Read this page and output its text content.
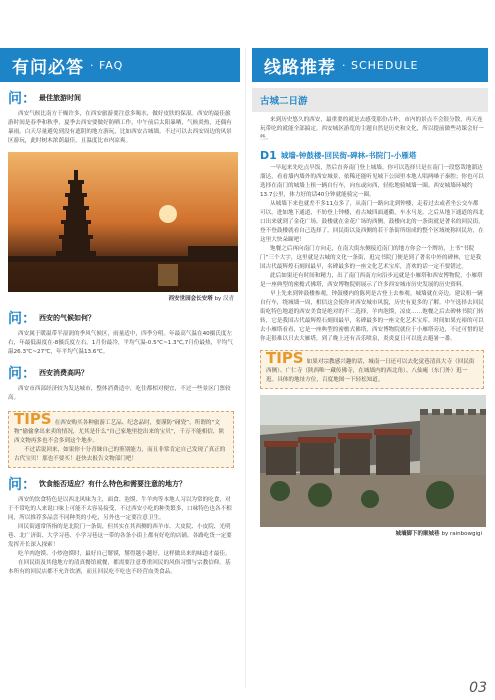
有问必答 · FAQ
问： 最佳旅游时间
西安气候比南方干燥许多，在西安旅游要注意多喝水，做好皮肤的保湿。西安的最佳旅游时间是春季和秋季，夏季去西安要做好防晒工作，中午前后太阳暴晒，气候炎热，还偶有暴雨。白天尽量避免到没有遮阴的地方游玩，比如西安古城墙。不过可以去西安周边的风景区游玩，此时树木浓荫最佳，且温度比市内凉爽。
西安世园会长安塔 by 汉青
问： 西安的气候如何？
西安属于暖温带半湿润的季风气候区，雨量适中，四季分明。年最高气温在40摄氏度左右，年最低温度在-8摄氏度左右。1月份最冷，平均气温-0.5℃~1.3℃,7月份最热，平均气温26.3℃~27℃，年平均气温13.6℃。
问： 西安消费高吗？
西安市西部经济较为发达城市，整体消费适中，吃住都相对便宜，不过一些景区门票较高。
TIPS 在西安购买各种旅游工艺品、纪念品时，要谨防“碰瓷”。所谓的“文物”偷偷拿出来卖的情况，尤其是什么“自己家地里挖出来的宝贝”，千万不能相信，陕西文物再多也不会多到这个地步。
不过话说回来，如果你十分青睐自己的鉴别能力，而且非常肯定自己发现了真正的古代宝贝！那也不要买！赶快去报告文物部门吧！
问： 饮食能否适应？有什么特色和需要注意的地方？
西安的饮食特色是以西北风味为主，面食、泡馍、牛羊肉等本地人习以为常的吃食，对于不常吃的人来说口味上可能不太容易接受，不过西安小吃的种类繁多，口味特色也各不相同，所以推荐多品尝不同种类的小吃，另外也一定要注意卫生。
回民街通常所指的是北院门一条街，但其实在其西侧的西羊市、大皮院、小皮院、光明巷、北广济街、大学习巷、小学习巷这一带的各条小街上都有好吃的店铺。各路吃货一定要发挥开长深入探索！
吃羊肉泡馍、小炒泡馍时，最好自己掰馍，掰得越小越好，这样做出来的味道才最佳。
在回民街及其他地方的清真餐馆就餐，都需要注意尊重回民的风俗习惯与宗教信仰。基本所有的回民店都不允许饮酒，而且回民吃不吃也不经营血类食品。
线路推荐 · SCHEDULE
古城二日游
来到历史悠久的西安，最重要的就是去感受那份古朴，市内的景点不会很分散，再天连玩带吃的就能全部搞定。西安城区游览的主题自然是历史和文化，所以提前做些功课会好一些。
D1 城墙-钟鼓楼-回民街-碑林-书院门-小雁塔
一早起来先吃点早饭，然后直奔南门登上城墙。你可以选择只是在南门一段悠哉地溜达溜达，看看墙内墙外的西安城景，依稀还能听见城下公园里本地人唱两嗓子秦腔；你也可以选择在南门的城墙上租一辆自行车，向东或向西，轻松地骑城墙一圈。西安城墙环城约13.7公里，体力好的话40分钟就能骑完一圈。
从城墙下来也就差不多11点多了，从南门一路向北到钟楼，走着过去或者坐公交车都可以。进如地下通道，不妨登上钟楼，看古城四面通衢，车水马龙。之后从地下通道的西北口出来就到了金花广场，鼓楼就在金花广场的西侧，鼓楼向北的一条街就是著名的回民街，登不登鼓楼就看自己选择了。回民街以及西侧的若干条街所组成的整个区域统称回民坊，在这里大快朵颐吧！
饱餐之后再向南门方向走，在南大街东侧接近南门的地方你会一个牌坊，上书“书院门”三个大字，这里就是古城的文化一条街，逛完书院门便是到了著名中外的碑林，它是我国古代最辉煌石刻间最早，名碑最多的一座文化艺术宝库，喜欢的话一定不要错过。
此后如果还有时间和精力，出了南门西南方向沿步远就是小雁塔和西安博物院，小雁塔是一座典型的密檐式佛塔，西安博物院则展示了许多西安城市历史发展的历史资料。
早上先来到钟鼓楼参观，钟鼓楼内的陈列是古登上去参观。城墙就在旁边，建议租一辆自行车，绕城墙一周，相信这会使你对西安城市风貌，历史有更多的了解。中午选择去回民街吃特色地道的西安美食是绝对的不二选择，羊肉泡馍，凉皮……饱餐之后去碑林书院门转转，它是我国古代最辉煌石刻间最早，名碑最多的一座文化艺术宝库。时间如果充裕的可以去小雁塔看看，它是一座典型的密檐式佛塔，西安博物院就位于小雁塔旁边，不过可惜的是你走很难以只去大雁塔，到了晚上还有音乐喷泉，炎炎夏日可以逛去避暑一番。
TIPS 如果对宗教感兴趣的话，城南一日还可以去化觉巷清真大寺（回民街西侧）、广仁寺（陕西唯一藏传佛寺，在城墙内的西北角）、八仙庵（东门外）逛一逛。具体的地址方位，百度地图一下轻松知道。
城墙脚下的顺城巷 by rainbowgigi
03
